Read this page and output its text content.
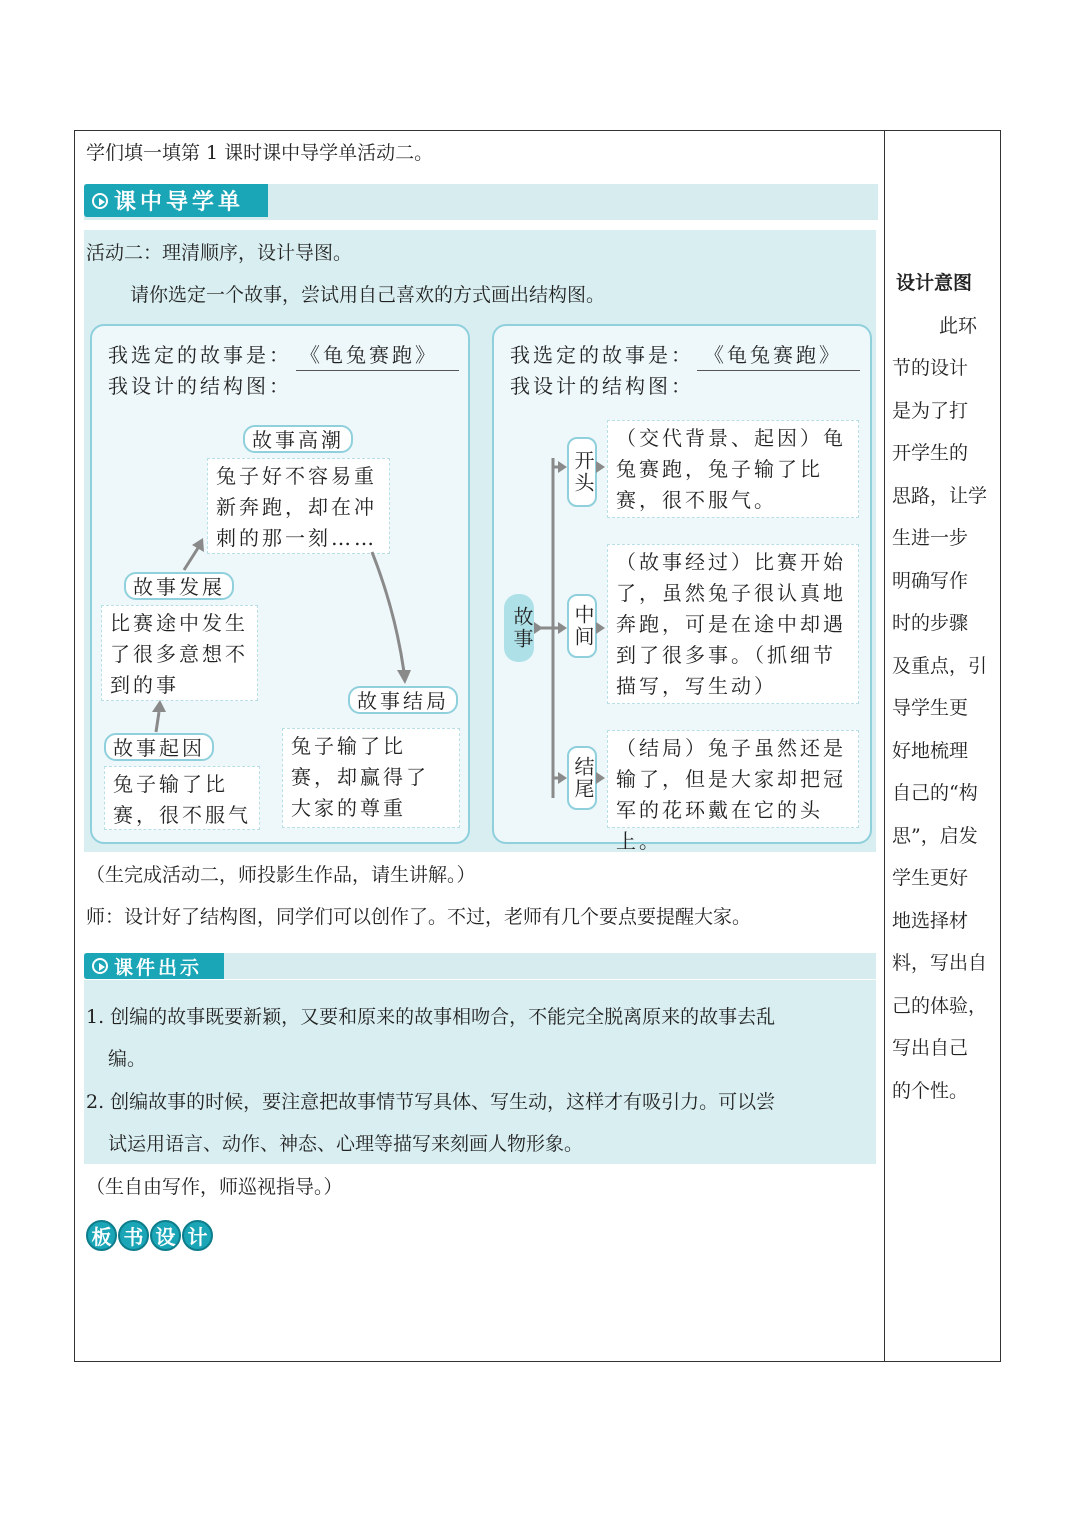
学们填一填第 1 课时课中导学单活动二。
课中导学单
活动二：理清顺序，设计导图。
请你选定一个故事，尝试用自己喜欢的方式画出结构图。
我选定的故事是： 《龟兔赛跑》
我设计的结构图：
故事高潮
兔子好不容易重新奔跑，却在冲刺的那一刻……
故事发展
比赛途中发生了很多意想不到的事
故事结局
兔子输了比赛，却赢得了大家的尊重
故事起因
兔子输了比赛，很不服气
我选定的故事是： 《龟兔赛跑》
我设计的结构图：
故事
开头
（交代背景、起因）龟兔赛跑，兔子输了比赛，很不服气。
中间
（故事经过）比赛开始了，虽然兔子很认真地奔跑，可是在途中却遇到了很多事。（抓细节描写，写生动）
结尾
（结局）兔子虽然还是输了，但是大家却把冠军的花环戴在它的头上。
（生完成活动二，师投影生作品，请生讲解。）
师：设计好了结构图，同学们可以创作了。不过，老师有几个要点要提醒大家。
课件出示
1. 创编的故事既要新颖，又要和原来的故事相吻合，不能完全脱离原来的故事去乱
编。
2. 创编故事的时候，要注意把故事情节写具体、写生动，这样才有吸引力。可以尝
试运用语言、动作、神态、心理等描写来刻画人物形象。
（生自由写作，师巡视指导。）
板 书 设 计
设计意图
　此环
节的设计
是为了打
开学生的
思路，让学
生进一步
明确写作
时的步骤
及重点，引
导学生更
好地梳理
自己的“构
思”，启发
学生更好
地选择材
料，写出自
己的体验，
写出自己
的个性。
